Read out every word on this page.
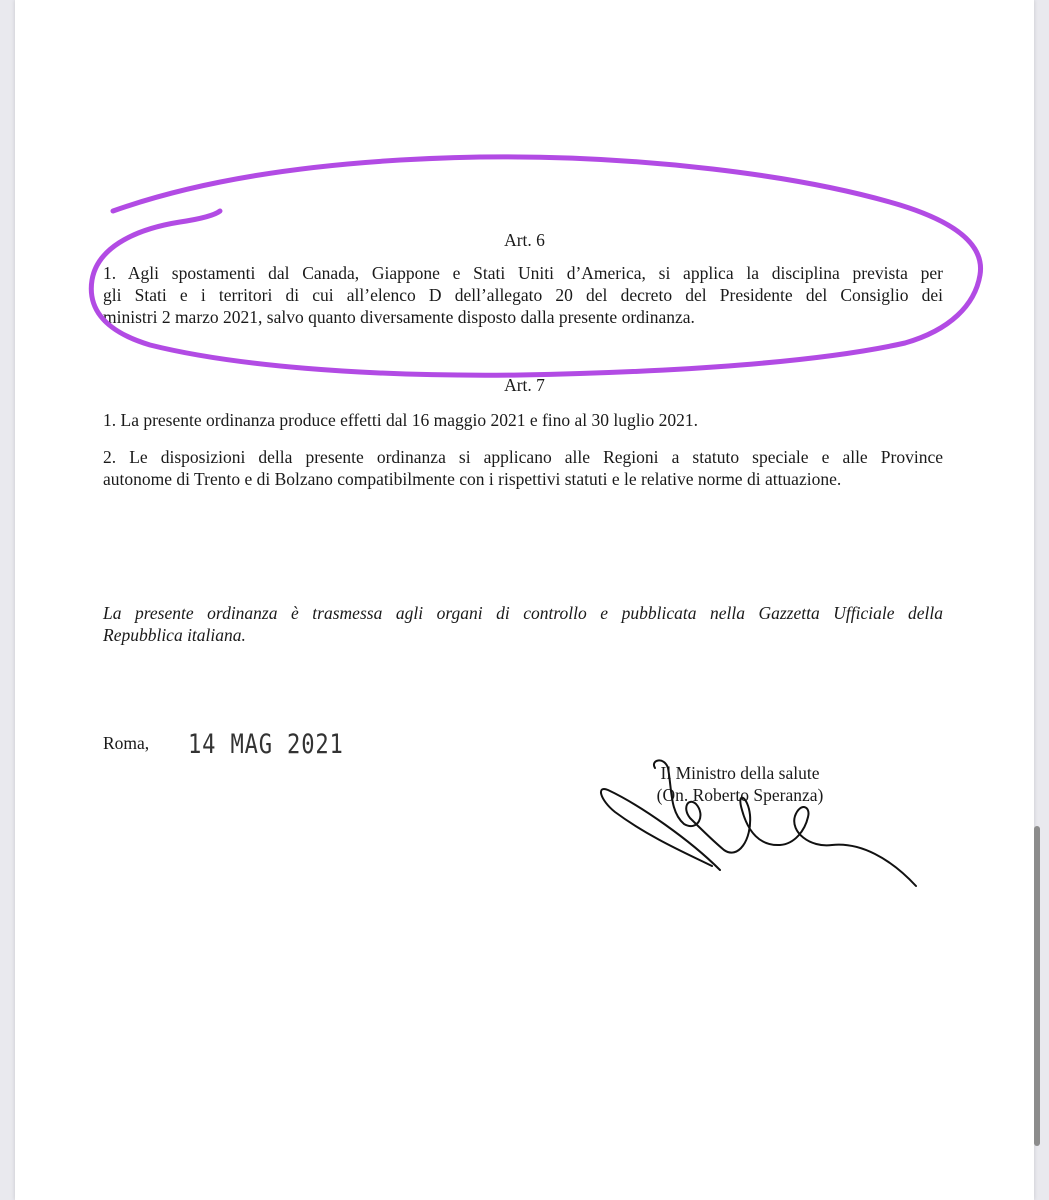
Art. 6
1. Agli spostamenti dal Canada, Giappone e Stati Uniti d’America, si applica la disciplina prevista per
gli Stati e i territori di cui all’elenco D dell’allegato 20 del decreto del Presidente del Consiglio dei
ministri 2 marzo 2021, salvo quanto diversamente disposto dalla presente ordinanza.
Art. 7
1. La presente ordinanza produce effetti dal 16 maggio 2021 e fino al 30 luglio 2021.
2. Le disposizioni della presente ordinanza si applicano alle Regioni a statuto speciale e alle Province
autonome di Trento e di Bolzano compatibilmente con i rispettivi statuti e le relative norme di attuazione.
La presente ordinanza è trasmessa agli organi di controllo e pubblicata nella Gazzetta Ufficiale della
Repubblica italiana.
Roma, 14 MAG 2021
Il Ministro della salute
(On. Roberto Speranza)
